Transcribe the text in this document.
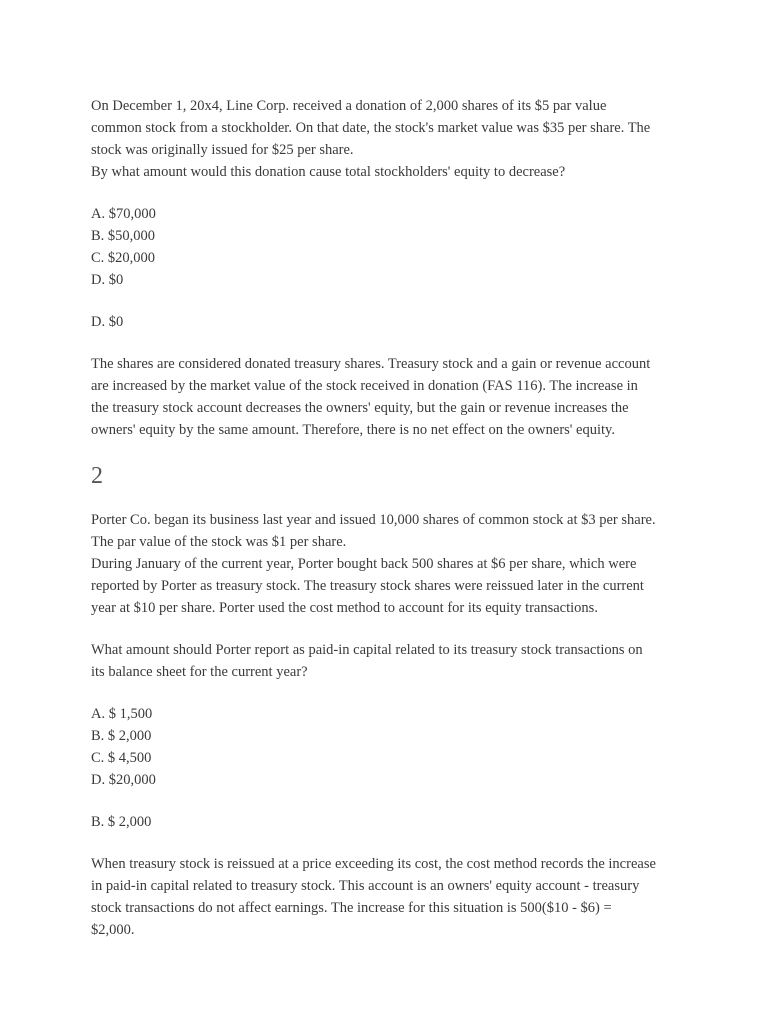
On December 1, 20x4, Line Corp. received a donation of 2,000 shares of its $5 par value
common stock from a stockholder. On that date, the stock's market value was $35 per share. The
stock was originally issued for $25 per share.
By what amount would this donation cause total stockholders' equity to decrease?
A. $70,000
B. $50,000
C. $20,000
D. $0
D. $0
The shares are considered donated treasury shares. Treasury stock and a gain or revenue account
are increased by the market value of the stock received in donation (FAS 116). The increase in
the treasury stock account decreases the owners' equity, but the gain or revenue increases the
owners' equity by the same amount. Therefore, there is no net effect on the owners' equity.
2
Porter Co. began its business last year and issued 10,000 shares of common stock at $3 per share.
The par value of the stock was $1 per share.
During January of the current year, Porter bought back 500 shares at $6 per share, which were
reported by Porter as treasury stock. The treasury stock shares were reissued later in the current
year at $10 per share. Porter used the cost method to account for its equity transactions.
What amount should Porter report as paid-in capital related to its treasury stock transactions on
its balance sheet for the current year?
A. $ 1,500
B. $ 2,000
C. $ 4,500
D. $20,000
B. $ 2,000
When treasury stock is reissued at a price exceeding its cost, the cost method records the increase
in paid-in capital related to treasury stock. This account is an owners' equity account - treasury
stock transactions do not affect earnings. The increase for this situation is 500($10 - $6) =
$2,000.
